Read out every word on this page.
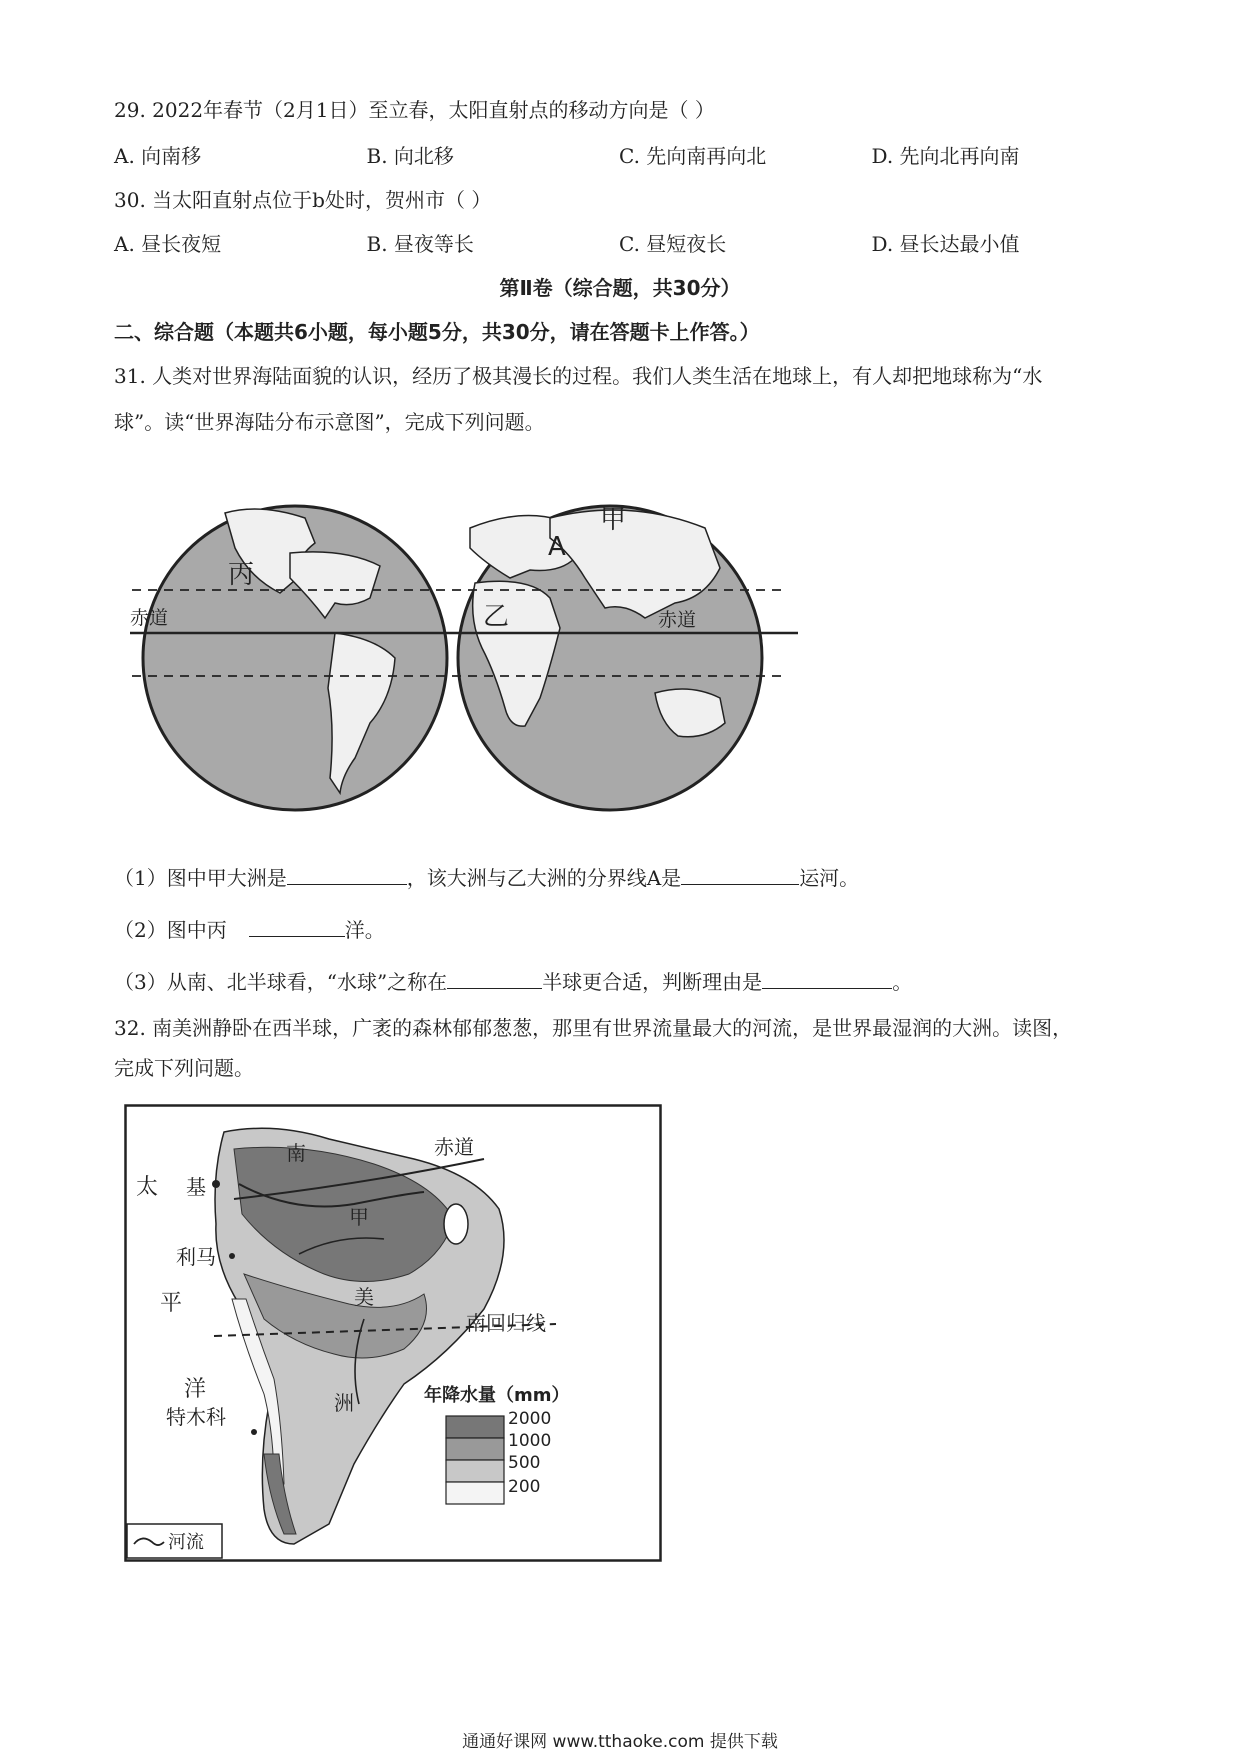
29. 2022年春节（2月1日）至立春，太阳直射点的移动方向是（ ）
A. 向南移	B. 向北移	C. 先向南再向北	D. 先向北再向南
30. 当太阳直射点位于b处时，贺州市（ ）
A. 昼长夜短	B. 昼夜等长	C. 昼短夜长	D. 昼长达最小值
第Ⅱ卷（综合题，共30分）
二、综合题（本题共6小题，每小题5分，共30分，请在答题卡上作答。）
31. 人类对世界海陆面貌的认识，经历了极其漫长的过程。我们人类生活在地球上，有人却把地球称为“水
球”。读“世界海陆分布示意图”，完成下列问题。
丙
赤道
A
甲
乙	赤道
（1）图中甲大洲是	，该大洲与乙大洲的分界线A是	运河。
（2）图中丙	洋。
（3）从南、北半球看，“水球”之称在	半球更合适，判断理由是	。
32. 南美洲静卧在西半球，广袤的森林郁郁葱葱，那里有世界流量最大的河流，是世界最湿润的大洲。读图，
完成下列问题。
太
平
洋
基
利马
特木科
南
甲
美
洲
赤道
南回归线
年降水量（mm）
2000
1000
500
200
河流
通通好课网 www.tthaoke.com 提供下载
